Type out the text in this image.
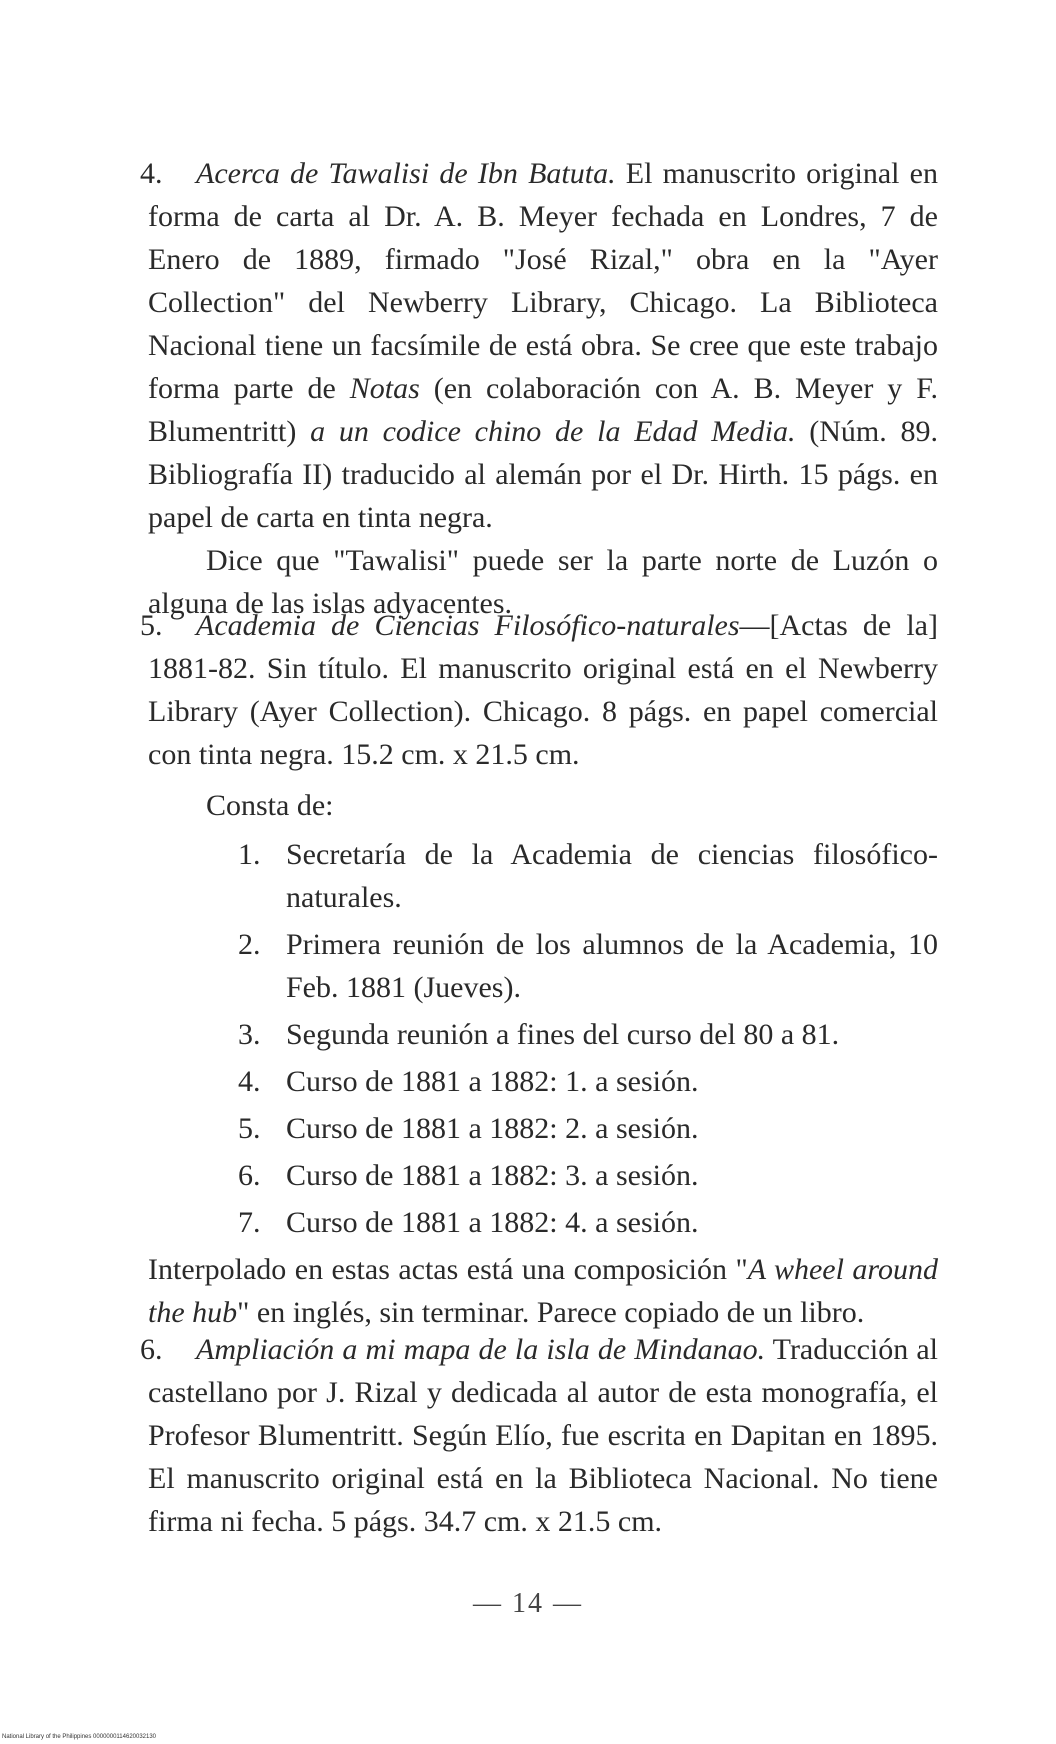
4. Acerca de Tawalisi de Ibn Batuta. El manuscrito original en forma de carta al Dr. A. B. Meyer fechada en Londres, 7 de Enero de 1889, firmado "José Rizal," obra en la "Ayer Collection" del Newberry Library, Chicago. La Biblioteca Nacional tiene un facsímile de está obra. Se cree que este trabajo forma parte de Notas (en colaboración con A. B. Meyer y F. Blumentritt) a un codice chino de la Edad Media. (Núm. 89. Bibliografía II) traducido al alemán por el Dr. Hirth. 15 págs. en papel de carta en tinta negra.

Dice que "Tawalisi" puede ser la parte norte de Luzón o alguna de las islas adyacentes.

5. Academia de Ciencias Filosófico-naturales—[Actas de la] 1881-82. Sin título. El manuscrito original está en el Newberry Library (Ayer Collection). Chicago. 8 págs. en papel comercial con tinta negra. 15.2 cm. x 21.5 cm.

Consta de:

1. Secretaría de la Academia de ciencias filosófico-naturales.
2. Primera reunión de los alumnos de la Academia, 10 Feb. 1881 (Jueves).
3. Segunda reunión a fines del curso del 80 a 81.
4. Curso de 1881 a 1882: 1. a sesión.
5. Curso de 1881 a 1882: 2. a sesión.
6. Curso de 1881 a 1882: 3. a sesión.
7. Curso de 1881 a 1882: 4. a sesión.

Interpolado en estas actas está una composición "A wheel around the hub" en inglés, sin terminar. Parece copiado de un libro.

6. Ampliación a mi mapa de la isla de Mindanao. Traducción al castellano por J. Rizal y dedicada al autor de esta monografía, el Profesor Blumentritt. Según Elío, fue escrita en Dapitan en 1895. El manuscrito original está en la Biblioteca Nacional. No tiene firma ni fecha. 5 págs. 34.7 cm. x 21.5 cm.

— 14 —
National Library of the Philippines 0000000114620032130
